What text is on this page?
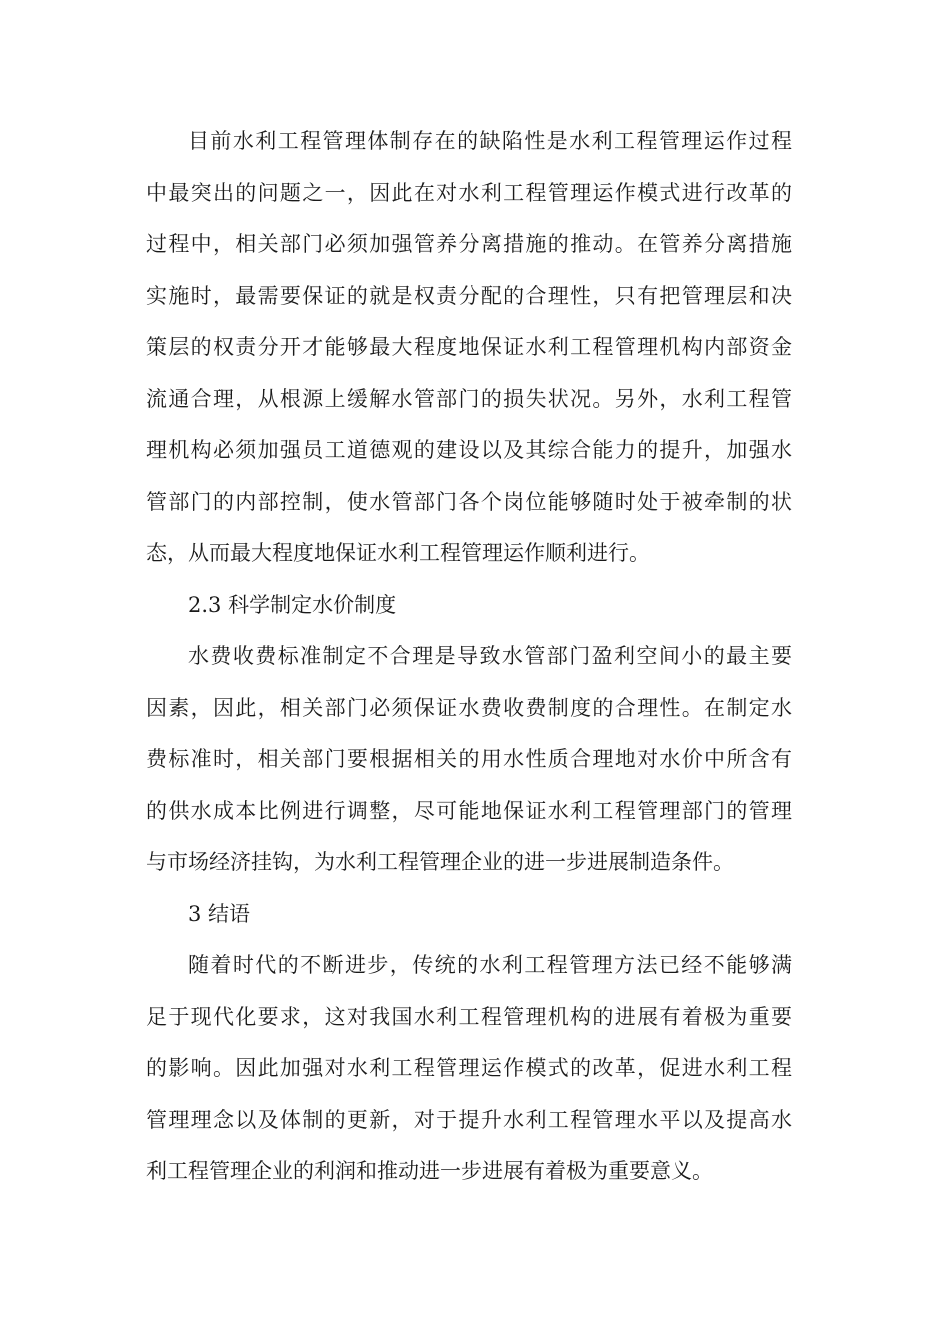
目前水利工程管理体制存在的缺陷性是水利工程管理运作过程
中最突出的问题之一，因此在对水利工程管理运作模式进行改革的
过程中，相关部门必须加强管养分离措施的推动。在管养分离措施
实施时，最需要保证的就是权责分配的合理性，只有把管理层和决
策层的权责分开才能够最大程度地保证水利工程管理机构内部资金
流通合理，从根源上缓解水管部门的损失状况。另外，水利工程管
理机构必须加强员工道德观的建设以及其综合能力的提升，加强水
管部门的内部控制，使水管部门各个岗位能够随时处于被牵制的状
态，从而最大程度地保证水利工程管理运作顺利进行。
2.3 科学制定水价制度
水费收费标准制定不合理是导致水管部门盈利空间小的最主要
因素，因此，相关部门必须保证水费收费制度的合理性。在制定水
费标准时，相关部门要根据相关的用水性质合理地对水价中所含有
的供水成本比例进行调整，尽可能地保证水利工程管理部门的管理
与市场经济挂钩，为水利工程管理企业的进一步进展制造条件。
3 结语
随着时代的不断进步，传统的水利工程管理方法已经不能够满
足于现代化要求，这对我国水利工程管理机构的进展有着极为重要
的影响。因此加强对水利工程管理运作模式的改革，促进水利工程
管理理念以及体制的更新，对于提升水利工程管理水平以及提高水
利工程管理企业的利润和推动进一步进展有着极为重要意义。
